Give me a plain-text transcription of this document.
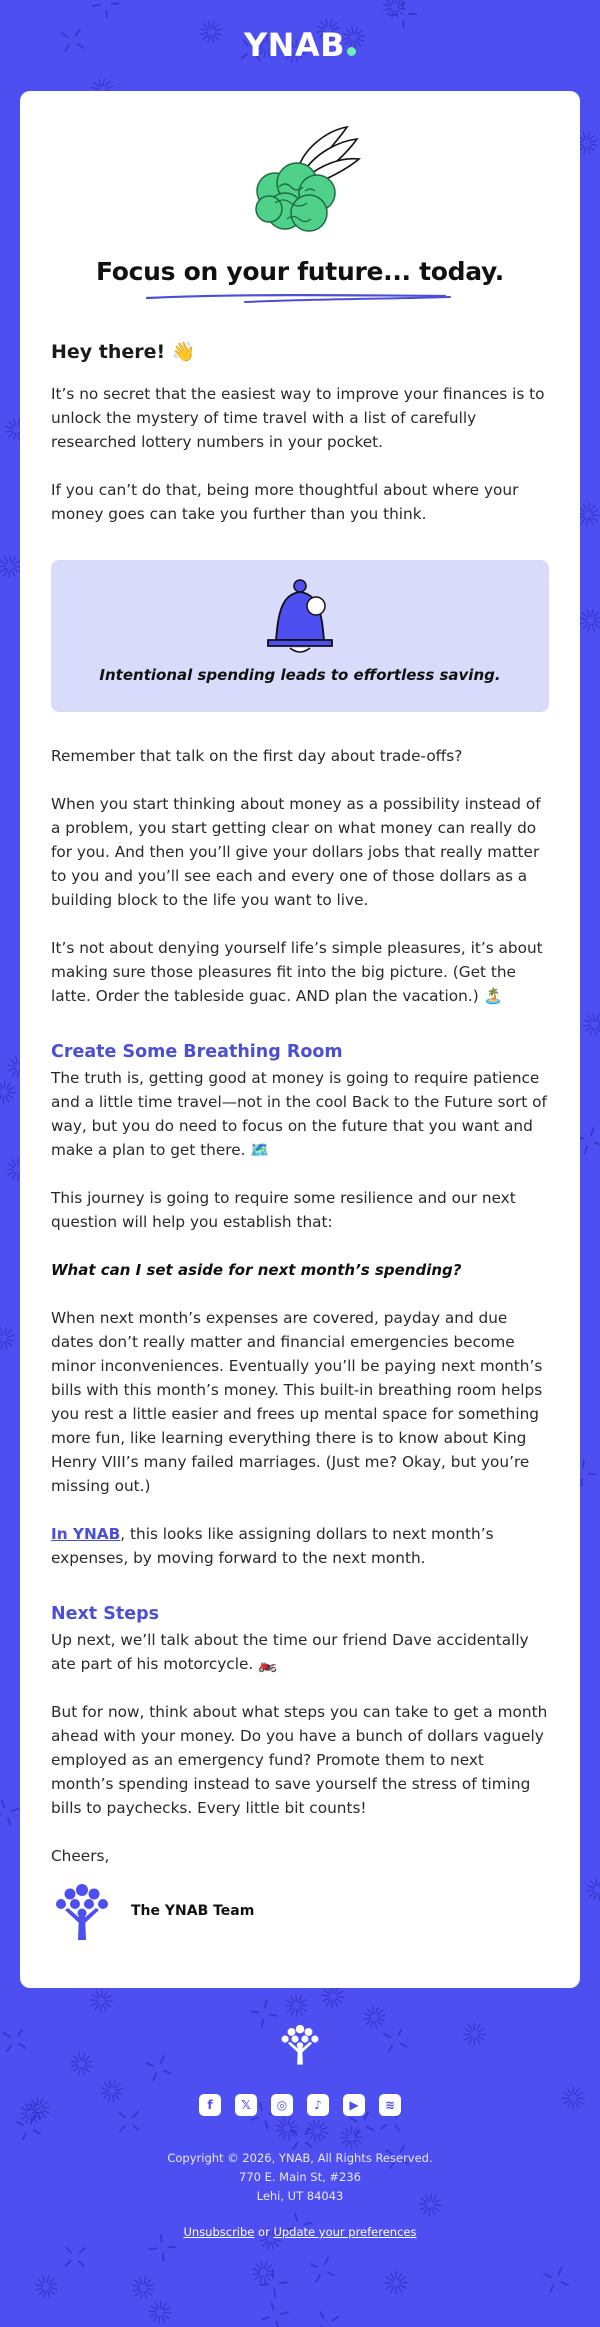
YNAB
Focus on your future... today.
Hey there! 👋

It’s no secret that the easiest way to improve your finances is to unlock the mystery of time travel with a list of carefully researched lottery numbers in your pocket.

If you can’t do that, being more thoughtful about where your money goes can take you further than you think.

Intentional spending leads to effortless saving.

Remember that talk on the first day about trade-offs?

When you start thinking about money as a possibility instead of a problem, you start getting clear on what money can really do for you. And then you’ll give your dollars jobs that really matter to you and you’ll see each and every one of those dollars as a building block to the life you want to live.

It’s not about denying yourself life’s simple pleasures, it’s about making sure those pleasures fit into the big picture. (Get the latte. Order the tableside guac. AND plan the vacation.) 🏝️

Create Some Breathing Room

The truth is, getting good at money is going to require patience and a little time travel—not in the cool Back to the Future sort of way, but you do need to focus on the future that you want and make a plan to get there. 🗺️

This journey is going to require some resilience and our next question will help you establish that:

What can I set aside for next month’s spending?

When next month’s expenses are covered, payday and due dates don’t really matter and financial emergencies become minor inconveniences. Eventually you’ll be paying next month’s bills with this month’s money. This built-in breathing room helps you rest a little easier and frees up mental space for something more fun, like learning everything there is to know about King Henry VIII’s many failed marriages. (Just me? Okay, but you’re missing out.)

In YNAB, this looks like assigning dollars to next month’s expenses, by moving forward to the next month.

Next Steps

Up next, we’ll talk about the time our friend Dave accidentally ate part of his motorcycle. 🏍️

But for now, think about what steps you can take to get a month ahead with your money. Do you have a bunch of dollars vaguely employed as an emergency fund? Promote them to next month’s spending instead to save yourself the stress of timing bills to paychecks. Every little bit counts!

Cheers,

The YNAB Team
f	𝕏	◎	♪	▶	≋
Copyright © 2026, YNAB, All Rights Reserved.
770 E. Main St, #236
Lehi, UT 84043
Unsubscribe or Update your preferences
